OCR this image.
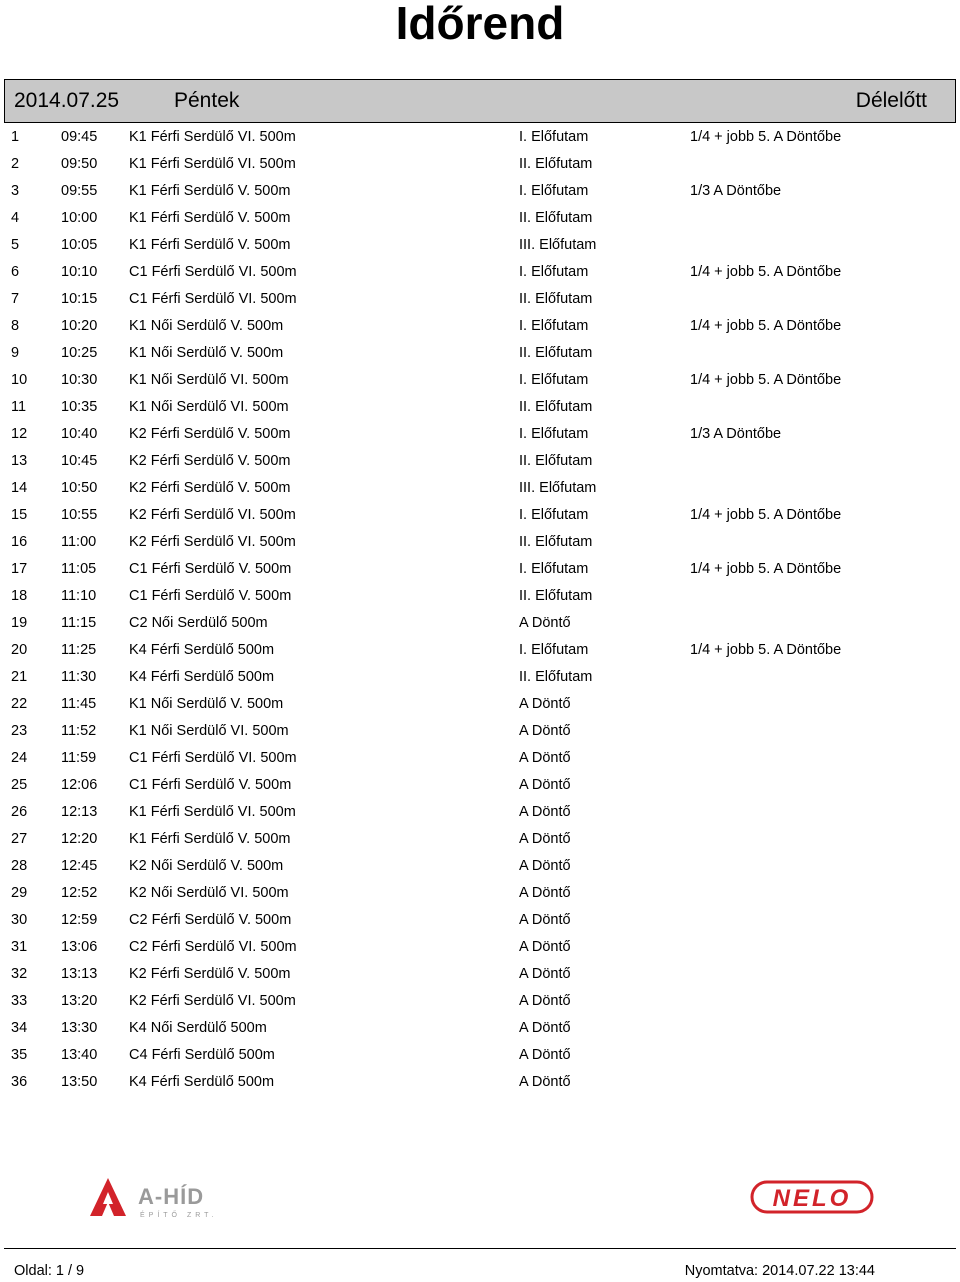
Időrend
2014.07.25	Péntek	Délelőtt
1	09:45 K1 Férfi Serdülő VI. 500m	I. Előfutam	1/4 + jobb 5. A Döntőbe
2	09:50 K1 Férfi Serdülő VI. 500m	II. Előfutam
3	09:55 K1 Férfi Serdülő V. 500m	I. Előfutam	1/3 A Döntőbe
4	10:00 K1 Férfi Serdülő V. 500m	II. Előfutam
5	10:05 K1 Férfi Serdülő V. 500m	III. Előfutam
6	10:10 C1 Férfi Serdülő VI. 500m	I. Előfutam	1/4 + jobb 5. A Döntőbe
7	10:15 C1 Férfi Serdülő VI. 500m	II. Előfutam
8	10:20 K1 Női Serdülő V. 500m	I. Előfutam	1/4 + jobb 5. A Döntőbe
9	10:25 K1 Női Serdülő V. 500m	II. Előfutam
10 10:30 K1 Női Serdülő VI. 500m	I. Előfutam	1/4 + jobb 5. A Döntőbe
11 10:35 K1 Női Serdülő VI. 500m	II. Előfutam
12 10:40 K2 Férfi Serdülő V. 500m	I. Előfutam	1/3 A Döntőbe
13 10:45 K2 Férfi Serdülő V. 500m	II. Előfutam
14 10:50 K2 Férfi Serdülő V. 500m	III. Előfutam
15 10:55 K2 Férfi Serdülő VI. 500m	I. Előfutam	1/4 + jobb 5. A Döntőbe
16 11:00 K2 Férfi Serdülő VI. 500m	II. Előfutam
17 11:05 C1 Férfi Serdülő V. 500m	I. Előfutam	1/4 + jobb 5. A Döntőbe
18 11:10 C1 Férfi Serdülő V. 500m	II. Előfutam
19 11:15 C2 Női Serdülő 500m	A Döntő
20 11:25 K4 Férfi Serdülő 500m	I. Előfutam	1/4 + jobb 5. A Döntőbe
21 11:30 K4 Férfi Serdülő 500m	II. Előfutam
22 11:45 K1 Női Serdülő V. 500m	A Döntő
23 11:52 K1 Női Serdülő VI. 500m	A Döntő
24 11:59 C1 Férfi Serdülő VI. 500m	A Döntő
25 12:06 C1 Férfi Serdülő V. 500m	A Döntő
26 12:13 K1 Férfi Serdülő VI. 500m	A Döntő
27 12:20 K1 Férfi Serdülő V. 500m	A Döntő
28 12:45 K2 Női Serdülő V. 500m	A Döntő
29 12:52 K2 Női Serdülő VI. 500m	A Döntő
30 12:59 C2 Férfi Serdülő V. 500m	A Döntő
31 13:06 C2 Férfi Serdülő VI. 500m	A Döntő
32 13:13 K2 Férfi Serdülő V. 500m	A Döntő
33 13:20 K2 Férfi Serdülő VI. 500m	A Döntő
34 13:30 K4 Női Serdülő 500m	A Döntő
35 13:40 C4 Férfi Serdülő 500m	A Döntő
36 13:50 K4 Férfi Serdülő 500m	A Döntő
A-HÍD
ÉPÍTŐ ZRT.
NELO
Oldal: 1 / 9	Nyomtatva: 2014.07.22 13:44
